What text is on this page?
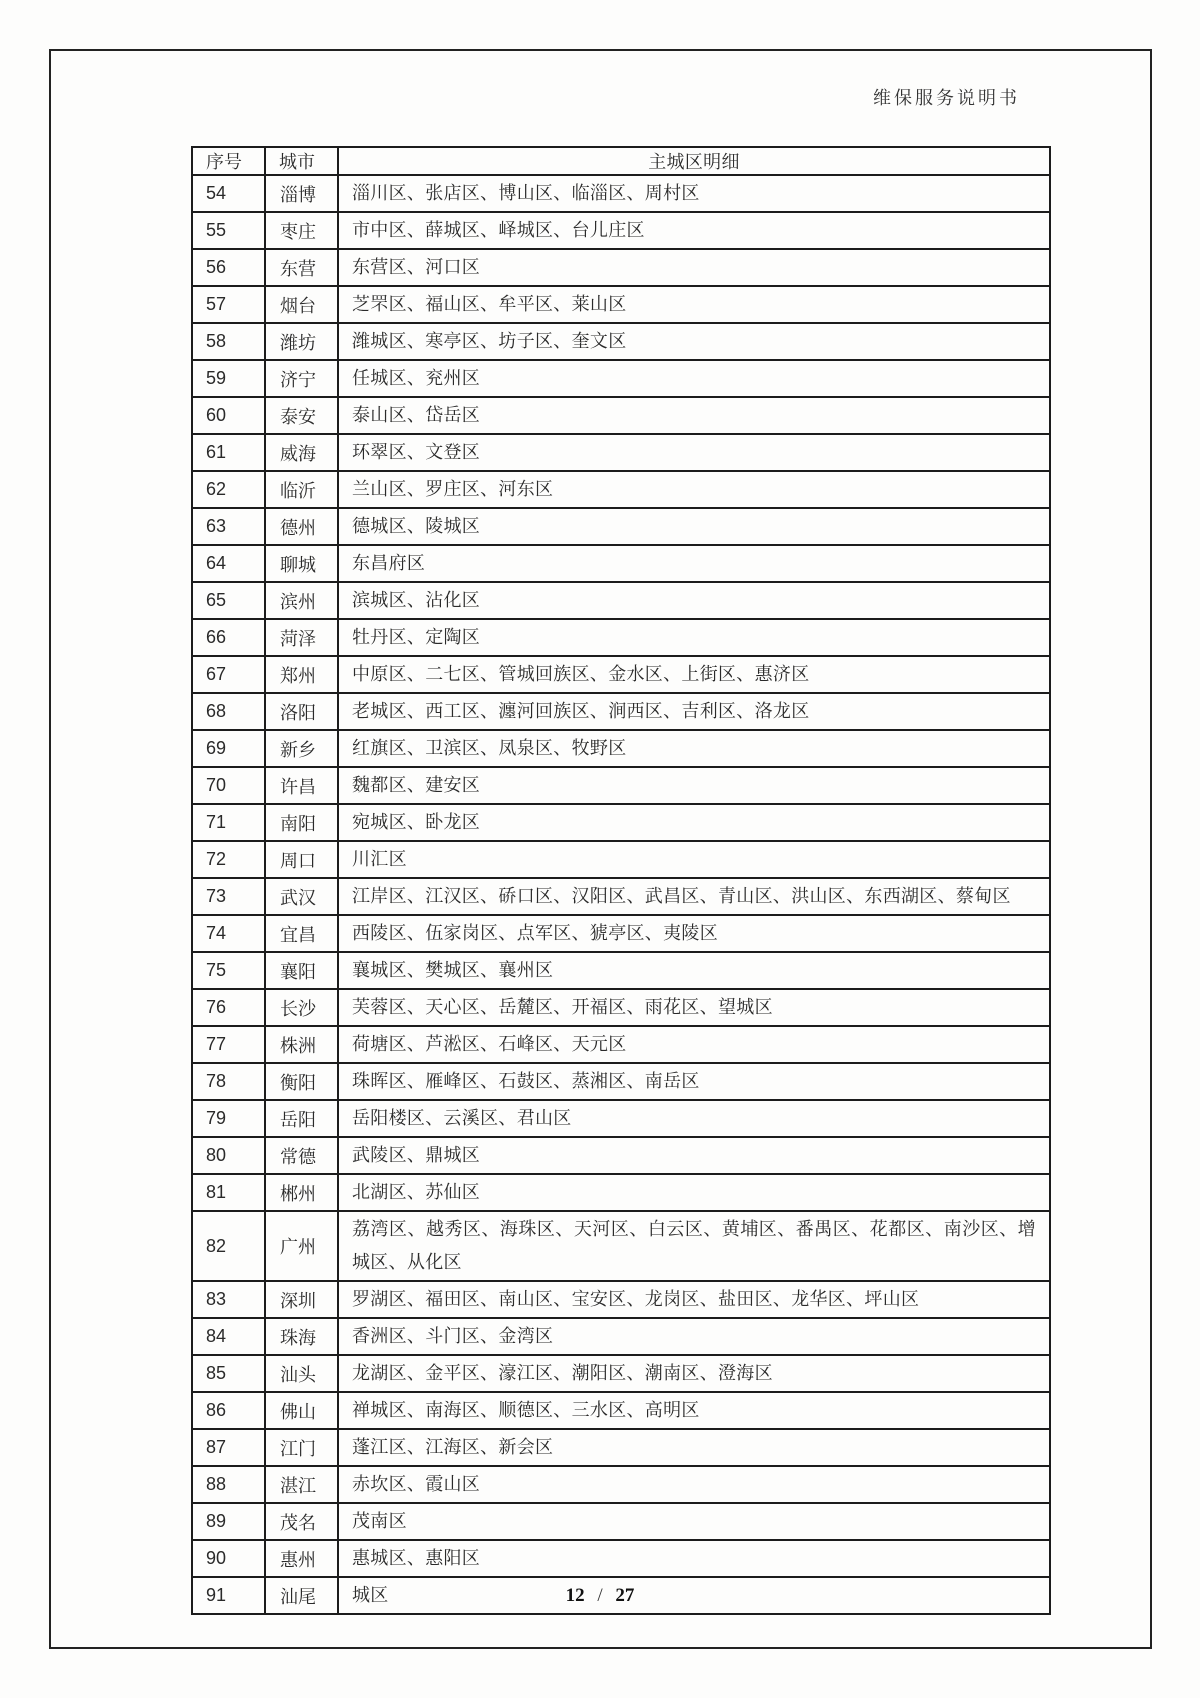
维保服务说明书
序号	城市	主城区明细
54	淄博	淄川区、张店区、博山区、临淄区、周村区
55	枣庄	市中区、薛城区、峄城区、台儿庄区
56	东营	东营区、河口区
57	烟台	芝罘区、福山区、牟平区、莱山区
58	潍坊	潍城区、寒亭区、坊子区、奎文区
59	济宁	任城区、兖州区
60	泰安	泰山区、岱岳区
61	威海	环翠区、文登区
62	临沂	兰山区、罗庄区、河东区
63	德州	德城区、陵城区
64	聊城	东昌府区
65	滨州	滨城区、沾化区
66	菏泽	牡丹区、定陶区
67	郑州	中原区、二七区、管城回族区、金水区、上街区、惠济区
68	洛阳	老城区、西工区、瀍河回族区、涧西区、吉利区、洛龙区
69	新乡	红旗区、卫滨区、凤泉区、牧野区
70	许昌	魏都区、建安区
71	南阳	宛城区、卧龙区
72	周口	川汇区
73	武汉	江岸区、江汉区、硚口区、汉阳区、武昌区、青山区、洪山区、东西湖区、蔡甸区
74	宜昌	西陵区、伍家岗区、点军区、猇亭区、夷陵区
75	襄阳	襄城区、樊城区、襄州区
76	长沙	芙蓉区、天心区、岳麓区、开福区、雨花区、望城区
77	株洲	荷塘区、芦淞区、石峰区、天元区
78	衡阳	珠晖区、雁峰区、石鼓区、蒸湘区、南岳区
79	岳阳	岳阳楼区、云溪区、君山区
80	常德	武陵区、鼎城区
81	郴州	北湖区、苏仙区
82	广州	荔湾区、越秀区、海珠区、天河区、白云区、黄埔区、番禺区、花都区、南沙区、增城区、从化区
83	深圳	罗湖区、福田区、南山区、宝安区、龙岗区、盐田区、龙华区、坪山区
84	珠海	香洲区、斗门区、金湾区
85	汕头	龙湖区、金平区、濠江区、潮阳区、潮南区、澄海区
86	佛山	禅城区、南海区、顺德区、三水区、高明区
87	江门	蓬江区、江海区、新会区
88	湛江	赤坎区、霞山区
89	茂名	茂南区
90	惠州	惠城区、惠阳区
91	汕尾	城区	12 / 27
